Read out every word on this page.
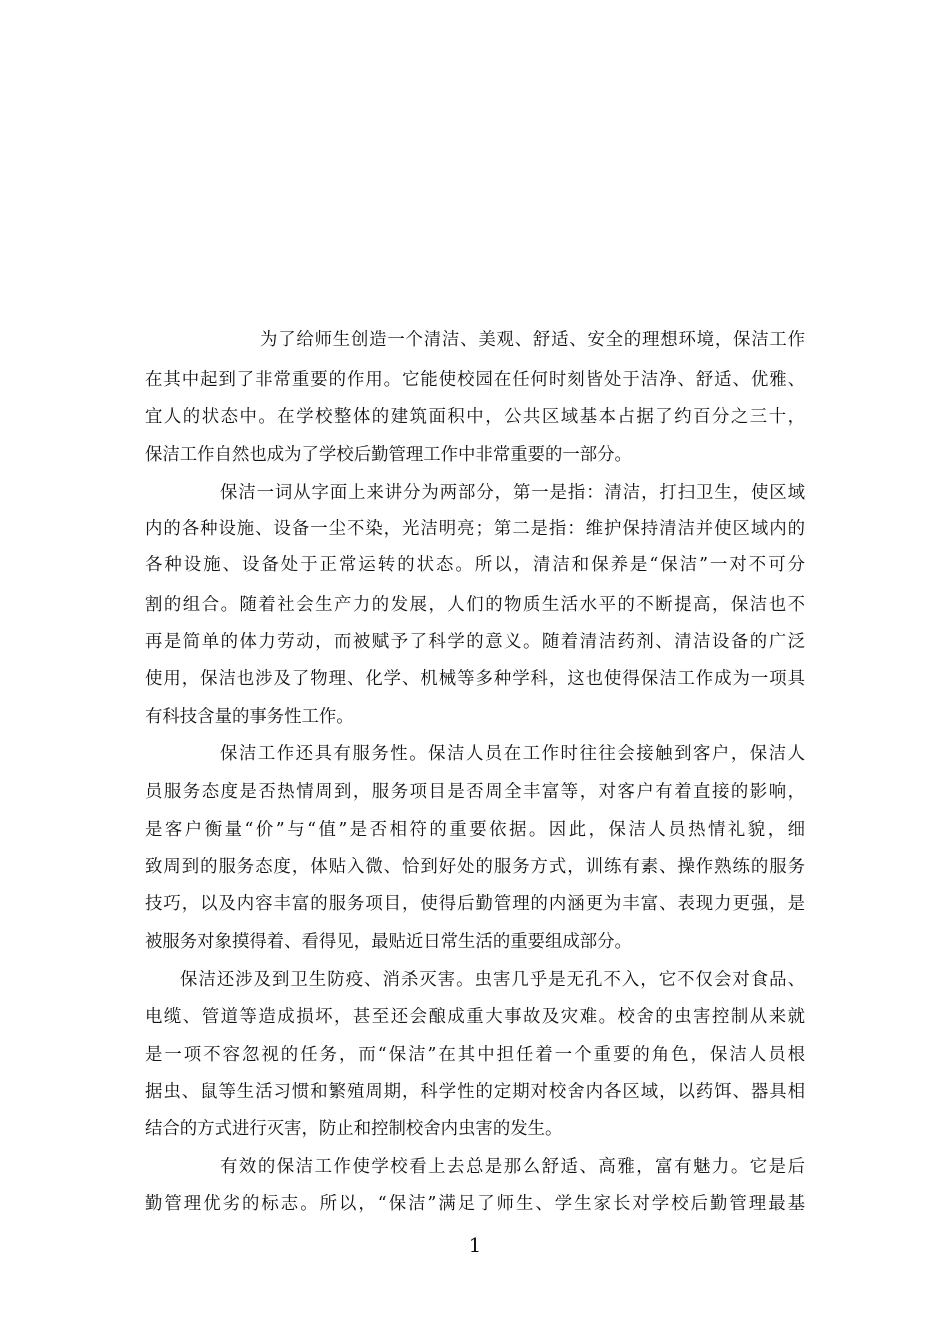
为了给师生创造一个清洁、美观、舒适、安全的理想环境，保洁工作
在其中起到了非常重要的作用。它能使校园在任何时刻皆处于洁净、舒适、优雅、
宜人的状态中。在学校整体的建筑面积中，公共区域基本占据了约百分之三十，
保洁工作自然也成为了学校后勤管理工作中非常重要的一部分。
保洁一词从字面上来讲分为两部分，第一是指：清洁，打扫卫生，使区域
内的各种设施、设备一尘不染，光洁明亮；第二是指：维护保持清洁并使区域内的
各种设施、设备处于正常运转的状态。所以，清洁和保养是“保洁”一对不可分
割的组合。随着社会生产力的发展，人们的物质生活水平的不断提高，保洁也不
再是简单的体力劳动，而被赋予了科学的意义。随着清洁药剂、清洁设备的广泛
使用，保洁也涉及了物理、化学、机械等多种学科，这也使得保洁工作成为一项具
有科技含量的事务性工作。
保洁工作还具有服务性。保洁人员在工作时往往会接触到客户，保洁人
员服务态度是否热情周到，服务项目是否周全丰富等，对客户有着直接的影响，
是客户衡量“价”与“值”是否相符的重要依据。因此，保洁人员热情礼貌，细
致周到的服务态度，体贴入微、恰到好处的服务方式，训练有素、操作熟练的服务
技巧，以及内容丰富的服务项目，使得后勤管理的内涵更为丰富、表现力更强，是
被服务对象摸得着、看得见，最贴近日常生活的重要组成部分。
保洁还涉及到卫生防疫、消杀灭害。虫害几乎是无孔不入，它不仅会对食品、
电缆、管道等造成损坏，甚至还会酿成重大事故及灾难。校舍的虫害控制从来就
是一项不容忽视的任务，而“保洁”在其中担任着一个重要的角色，保洁人员根
据虫、鼠等生活习惯和繁殖周期，科学性的定期对校舍内各区域，以药饵、器具相
结合的方式进行灭害，防止和控制校舍内虫害的发生。
有效的保洁工作使学校看上去总是那么舒适、高雅，富有魅力。它是后
勤管理优劣的标志。所以，“保洁”满足了师生、学生家长对学校后勤管理最基
1
